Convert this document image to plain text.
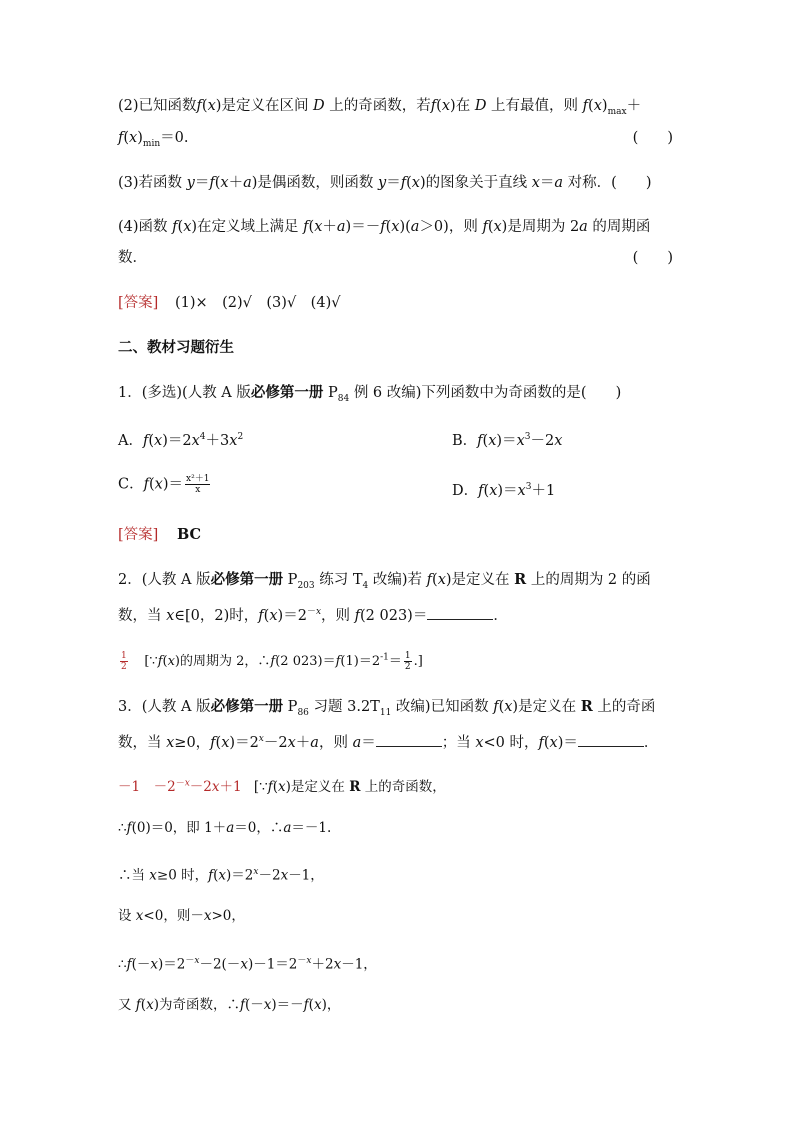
(2)已知函数f(x)是定义在区间 D 上的奇函数，若f(x)在 D 上有最值，则 $f(x)_{max}+$
$f(x)_{min}=0$.	(　　)
(3)若函数 y＝f(x＋a)是偶函数，则函数 y＝f(x)的图象关于直线 x＝a 对称．(　　)
(4)函数 f(x)在定义域上满足 f(x＋a)＝－f(x)(a＞0)，则 f(x)是周期为 2a 的周期函
数．	(　　)
[答案] (1)×　(2)√　(3)√　(4)√
二、教材习题衍生
1．(多选)(人教 A 版必修第一册 $P_{84}$ 例 6 改编)下列函数中为奇函数的是(　　)
A．$f(x)=2x^4+3x^2$	B．$f(x)=x^3-2x$
C．$f(x)= \frac{\text{x²＋1}}{x}$	D．$f(x)=x^3+1$
[答案] BC
2．(人教 A 版必修第一册 $P_{203}$ 练习 $T_4$ 改编)若 f(x)是定义在 R 上的周期为 2 的函
数，当 x∈[0，2)时，$f(x)=2^{-x}$，则 f(2 023)＝	．
$\frac{1}{2}$ [∵f(x)的周期为 2，∴f(2 $023)=f(1)=2^{-1}= \frac{1}{2}$ .]
3．(人教 A 版必修第一册 $P_{86}$ 习题 $3.2T_{11}$ 改编)已知函数 f(x)是定义在 R 上的奇函
数，当 x≥0，$f(x)=2^x-2x+a$，则 a＝	；当 x<0 时，f(x)＝	．
－1　$-2^{-x}-2x+1$ [∵f(x)是定义在 R 上的奇函数，
∴f(0)＝0，即 1＋a＝0，∴a＝－1.
∴当 x≥0 时，$f(x)=2^x-2x-1$，
设 x<0，则－x>0，
$\therefore f(-x)=2^{-x}-2(-x)-1=2^{-x}+2x-1$，
又 f(x)为奇函数，∴f(－x)＝－f(x)，
